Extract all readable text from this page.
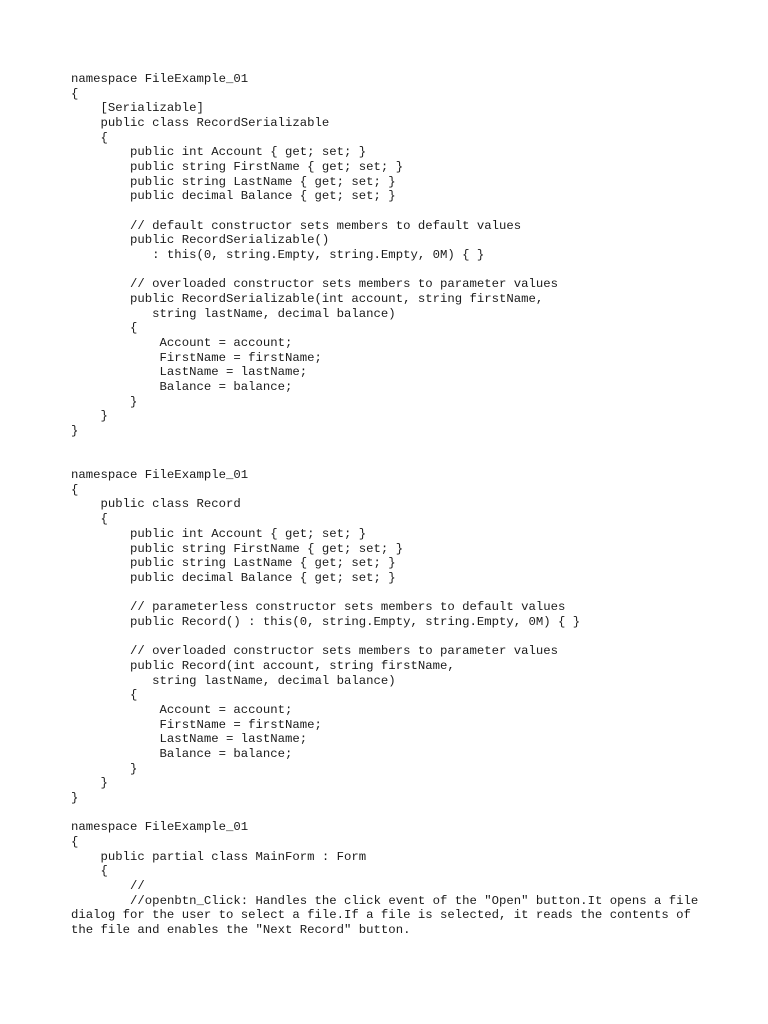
namespace FileExample_01
{
[Serializable]
public class RecordSerializable
{
public int Account { get; set; }
public string FirstName { get; set; }
public string LastName { get; set; }
public decimal Balance { get; set; }
// default constructor sets members to default values
public RecordSerializable()
: this(0, string.Empty, string.Empty, 0M) { }
// overloaded constructor sets members to parameter values
public RecordSerializable(int account, string firstName,
string lastName, decimal balance)
{
Account = account;
FirstName = firstName;
LastName = lastName;
Balance = balance;
}
}
}
namespace FileExample_01
{
public class Record
{
public int Account { get; set; }
public string FirstName { get; set; }
public string LastName { get; set; }
public decimal Balance { get; set; }
// parameterless constructor sets members to default values
public Record() : this(0, string.Empty, string.Empty, 0M) { }
// overloaded constructor sets members to parameter values
public Record(int account, string firstName,
string lastName, decimal balance)
{
Account = account;
FirstName = firstName;
LastName = lastName;
Balance = balance;
}
}
}
namespace FileExample_01
{
public partial class MainForm : Form
{
//
//openbtn_Click: Handles the click event of the "Open" button.It opens a file dialog for the user to select a file.If a file is selected, it reads the contents of the file and enables the "Next Record" button.
